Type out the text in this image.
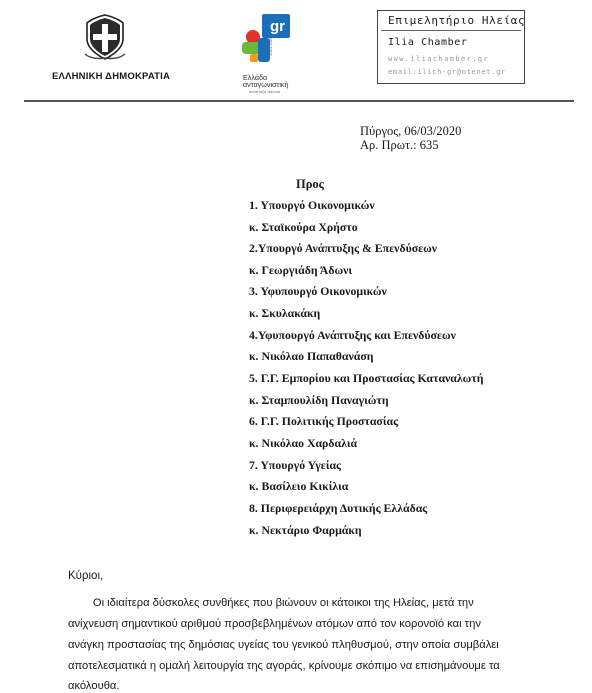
ΕΛΛΗΝΙΚΗ ΔΗΜΟΚΡΑΤΙΑ
gr
2014-2020
Ελλάδα
ανταγωνιστική
ανάπτυξη παντού
Επιμελητήριο Ηλείας
Ilia Chamber
www.iliachamber.gr
email:ilich-gr@otenet.gr
Πύργος, 06/03/2020
Αρ. Πρωτ.: 635
Προς
1. Υπουργό Οικονομικών
κ. Σταϊκούρα Χρήστο
2.Υπουργό Ανάπτυξης & Επενδύσεων
κ. Γεωργιάδη Άδωνι
3. Υφυπουργό Οικονομικών
κ. Σκυλακάκη
4.Υφυπουργό Ανάπτυξης και Επενδύσεων
κ. Νικόλαο Παπαθανάση
5. Γ.Γ. Εμπορίου και Προστασίας Καταναλωτή
κ. Σταμπουλίδη Παναγιώτη
6. Γ.Γ. Πολιτικής Προστασίας
κ. Νικόλαο Χαρδαλιά
7. Υπουργό Υγείας
κ. Βασίλειο Κικίλια
8. Περιφερειάρχη Δυτικής Ελλάδας
κ. Νεκτάριο Φαρμάκη
Κύριοι,
Οι ιδιαίτερα δύσκολες συνθήκες που βιώνουν οι κάτοικοι της Ηλείας, μετά την
ανίχνευση σημαντικού αριθμού προσβεβλημένων ατόμων από τον κορονοϊό και την
ανάγκη προστασίας της δημόσιας υγείας του γενικού πληθυσμού, στην οποία συμβάλει
αποτελεσματικά η ομαλή λειτουργία της αγοράς, κρίνουμε σκόπιμο να επισημάνουμε τα
ακόλουθα.
